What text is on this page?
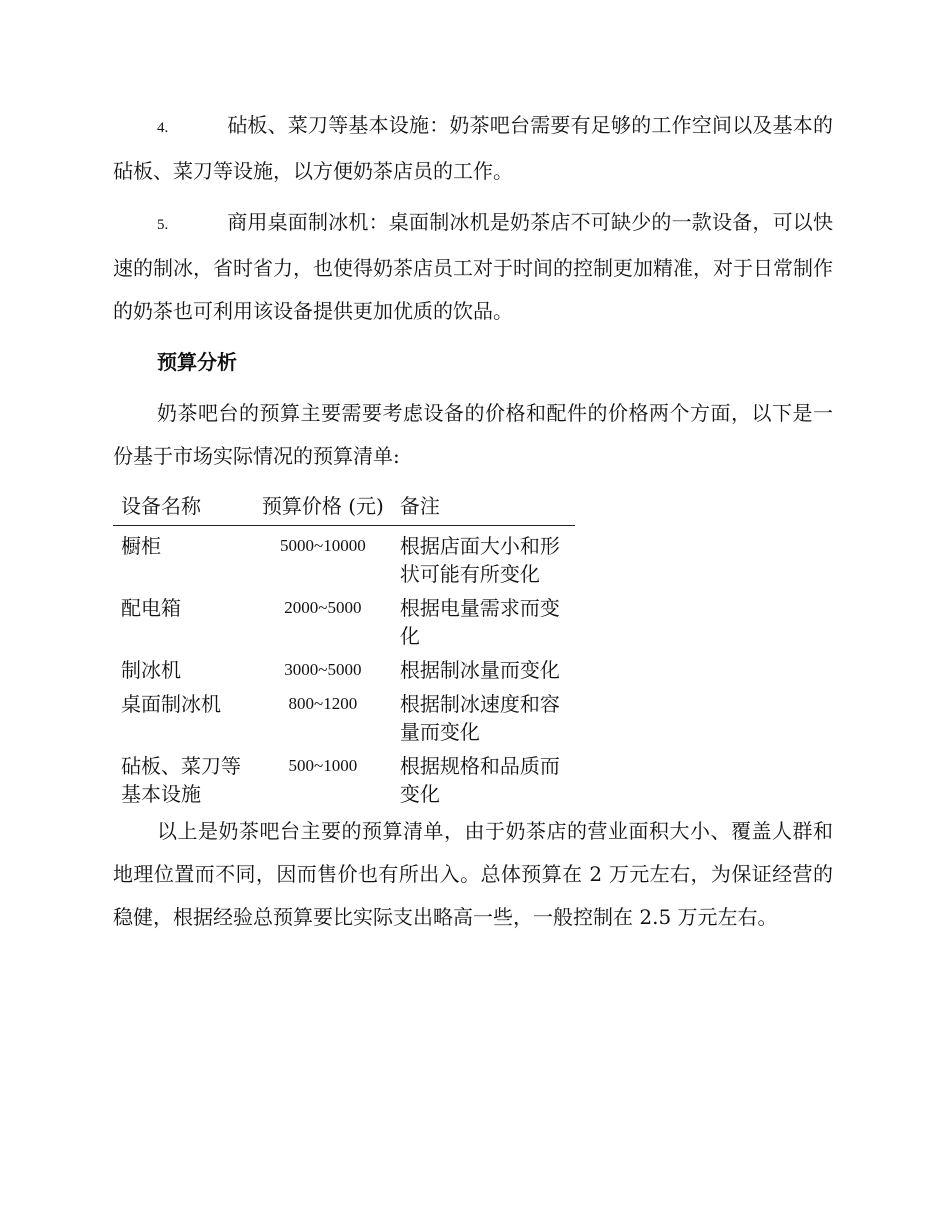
4.	砧板、菜刀等基本设施：奶茶吧台需要有足够的工作空间以及基本的砧板、菜刀等设施，以方便奶茶店员的工作。

5.	商用桌面制冰机：桌面制冰机是奶茶店不可缺少的一款设备，可以快速的制冰，省时省力，也使得奶茶店员工对于时间的控制更加精准，对于日常制作的奶茶也可利用该设备提供更加优质的饮品。

预算分析

奶茶吧台的预算主要需要考虑设备的价格和配件的价格两个方面，以下是一份基于市场实际情况的预算清单:

设备名称	预算价格 (元)	备注
橱柜	5000~10000	根据店面大小和形状可能有所变化
配电箱	2000~5000	根据电量需求而变化
制冰机	3000~5000	根据制冰量而变化
桌面制冰机	800~1200	根据制冰速度和容量而变化
砧板、菜刀等基本设施	500~1000	根据规格和品质而变化

以上是奶茶吧台主要的预算清单，由于奶茶店的营业面积大小、覆盖人群和地理位置而不同，因而售价也有所出入。总体预算在 2 万元左右，为保证经营的稳健，根据经验总预算要比实际支出略高一些，一般控制在 2.5 万元左右。
